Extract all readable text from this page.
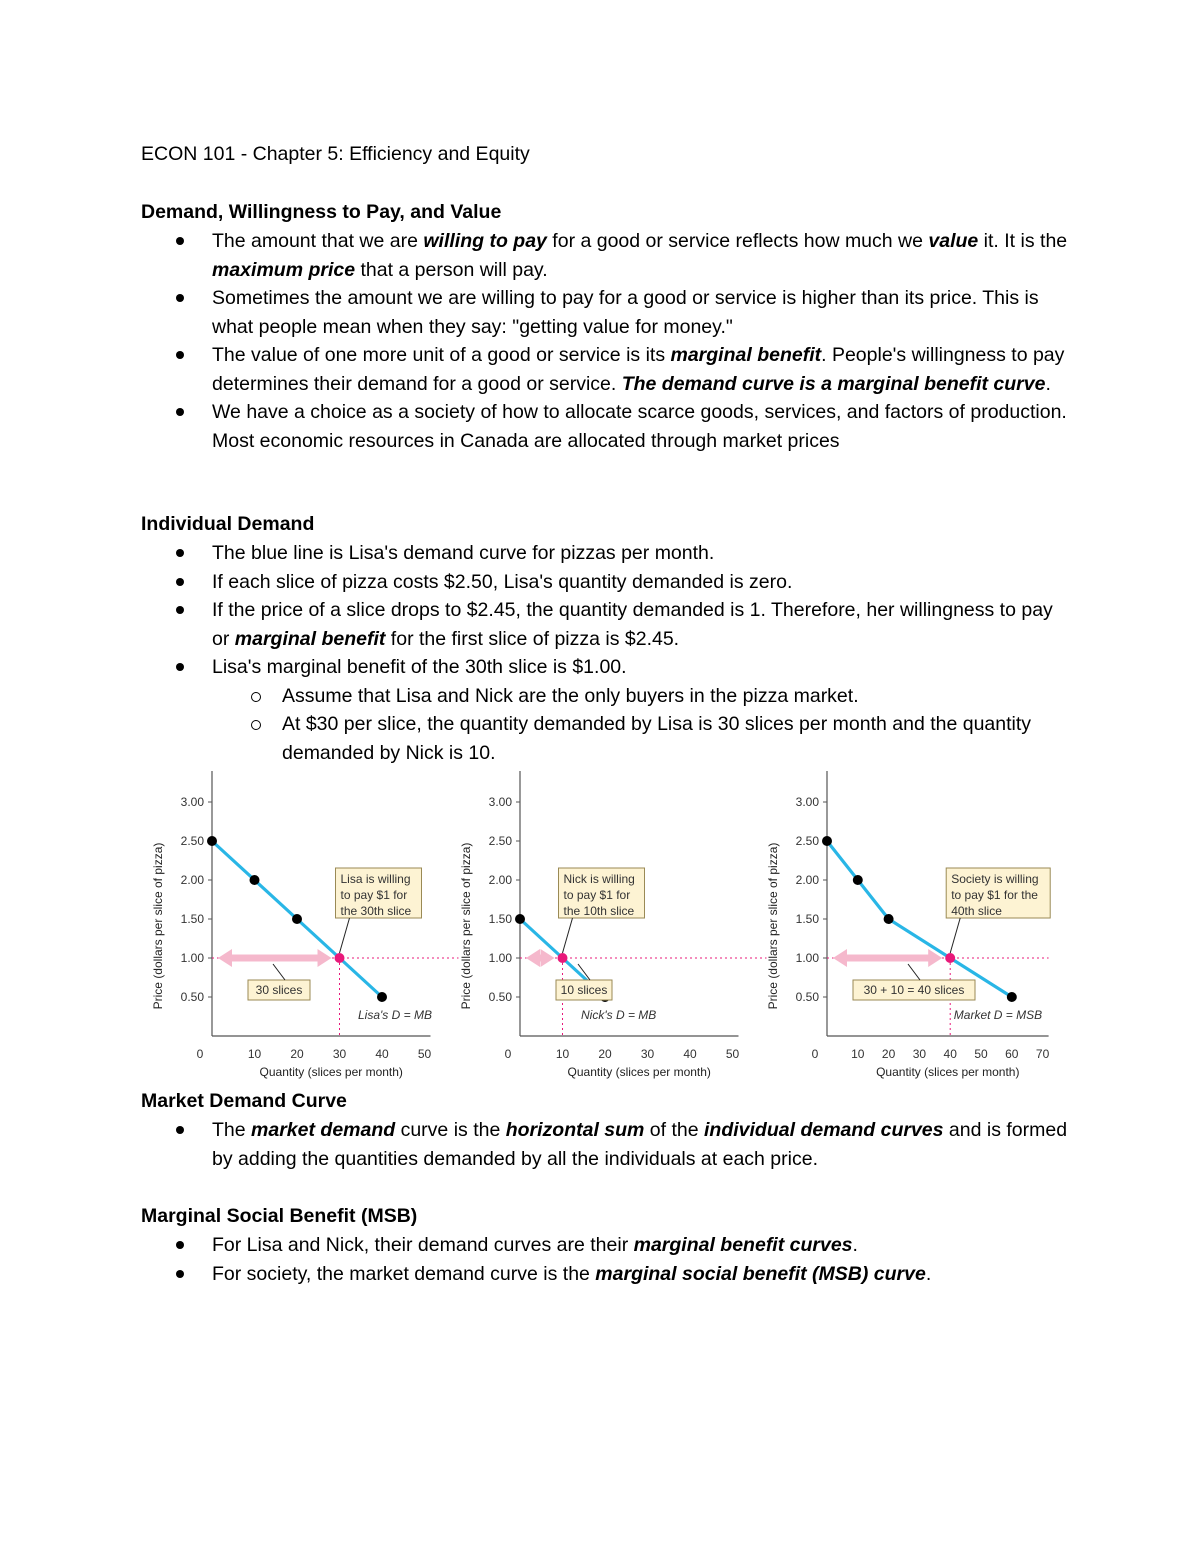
ECON 101 - Chapter 5: Efficiency and Equity
Demand, Willingness to Pay, and Value
The amount that we are willing to pay for a good or service reflects how much we value it. It is the maximum price that a person will pay.
Sometimes the amount we are willing to pay for a good or service is higher than its price. This is what people mean when they say: "getting value for money."
The value of one more unit of a good or service is its marginal benefit. People's willingness to pay determines their demand for a good or service. The demand curve is a marginal benefit curve.
We have a choice as a society of how to allocate scarce goods, services, and factors of production. Most economic resources in Canada are allocated through market prices
Individual Demand
The blue line is Lisa's demand curve for pizzas per month.
If each slice of pizza costs $2.50, Lisa's quantity demanded is zero.
If the price of a slice drops to $2.45, the quantity demanded is 1. Therefore, her willingness to pay or marginal benefit for the first slice of pizza is $2.45.
Lisa's marginal benefit of the 30th slice is $1.00.
Assume that Lisa and Nick are the only buyers in the pizza market.
At $30 per slice, the quantity demanded by Lisa is 30 slices per month and the quantity demanded by Nick is 10.
Price (dollars per slice of pizza) 0.50
1.00
1.50
2.00
2.50
3.00
0	10 20 30 40 50
Quantity (slices per month)
Lisa is willing
to pay $1 for
the 30th slice
30 slices
Lisa's D = MB
Price (dollars per slice of pizza) 0.50
1.00
1.50
2.00
2.50
3.00
0	10 20 30 40 50
Quantity (slices per month)
Nick is willing
to pay $1 for
the 10th slice
10 slices
Nick's D = MB
Price (dollars per slice of pizza) 0.50
1.00
1.50
2.00
2.50
3.00
0	10 20 30 40 50 60 70
Quantity (slices per month)
Society is willing
to pay $1 for the
40th slice
30 + 10 = 40 slices
Market D = MSB
Market Demand Curve
The market demand curve is the horizontal sum of the individual demand curves and is formed by adding the quantities demanded by all the individuals at each price.
Marginal Social Benefit (MSB)
For Lisa and Nick, their demand curves are their marginal benefit curves.
For society, the market demand curve is the marginal social benefit (MSB) curve.
